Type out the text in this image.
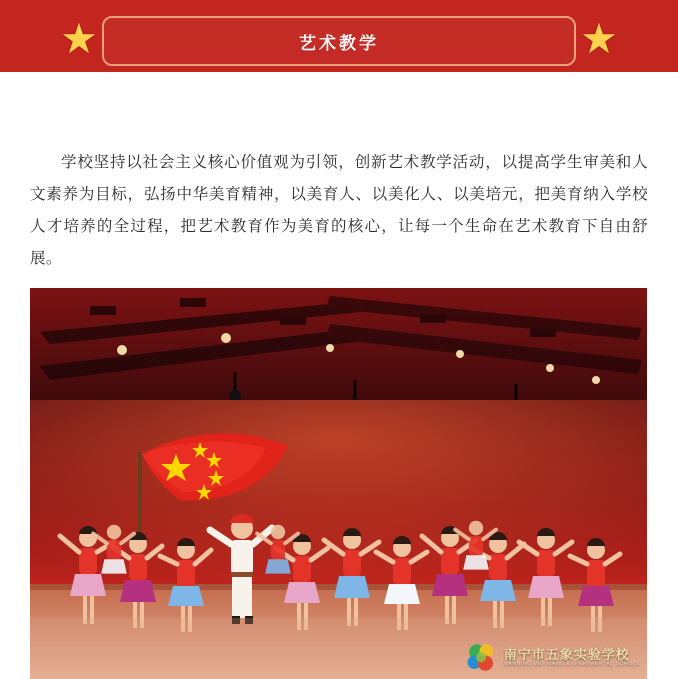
★	艺术教学	★

学校坚持以社会主义核心价值观为引领，创新艺术教学活动，以提高学生审美和人文素养为目标，弘扬中华美育精神，以美育人、以美化人、以美培元，把美育纳入学校人才培养的全过程，把艺术教育作为美育的核心，让每一个生命在艺术教育下自由舒展。

南宁市五象实验学校
NANNING WU XIANG EXPERIMENTAL SCHOOL
